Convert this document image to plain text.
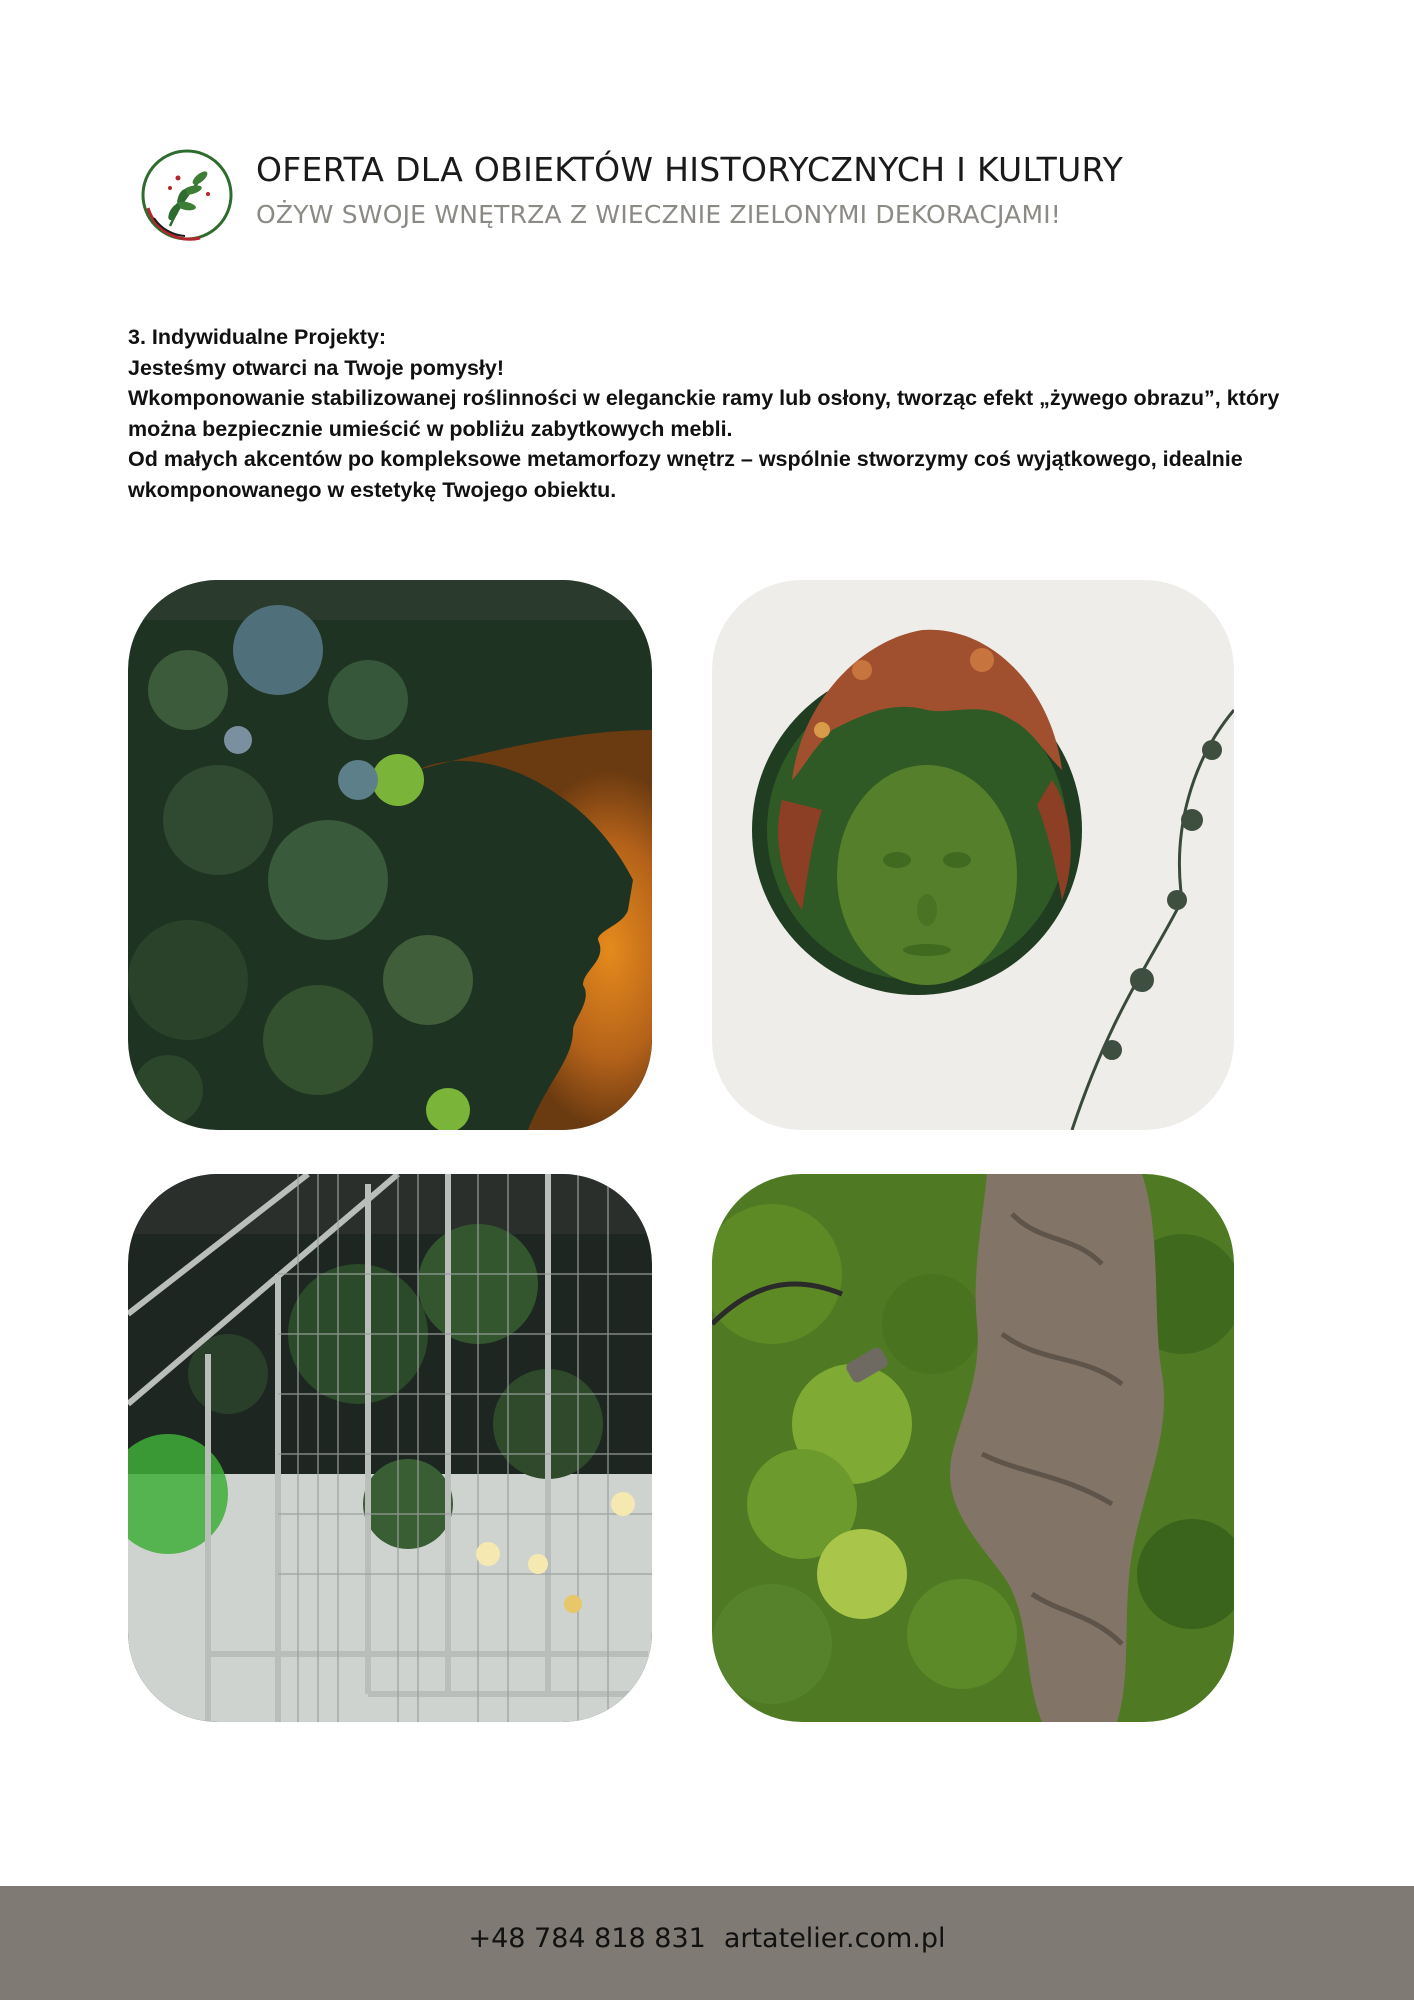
OFERTA DLA OBIEKTÓW HISTORYCZNYCH I KULTURY
OŻYW SWOJE WNĘTRZA Z WIECZNIE ZIELONYMI DEKORACJAMI!

3. Indywidualne Projekty:

Jesteśmy otwarci na Twoje pomysły!

Wkomponowanie stabilizowanej roślinności w eleganckie ramy lub osłony, tworząc efekt „żywego obrazu”, który można bezpiecznie umieścić w pobliżu zabytkowych mebli.

Od małych akcentów po kompleksowe metamorfozy wnętrz – wspólnie stworzymy coś wyjątkowego, idealnie wkomponowanego w estetykę Twojego obiektu.

+48 784 818 831 artatelier.com.pl
